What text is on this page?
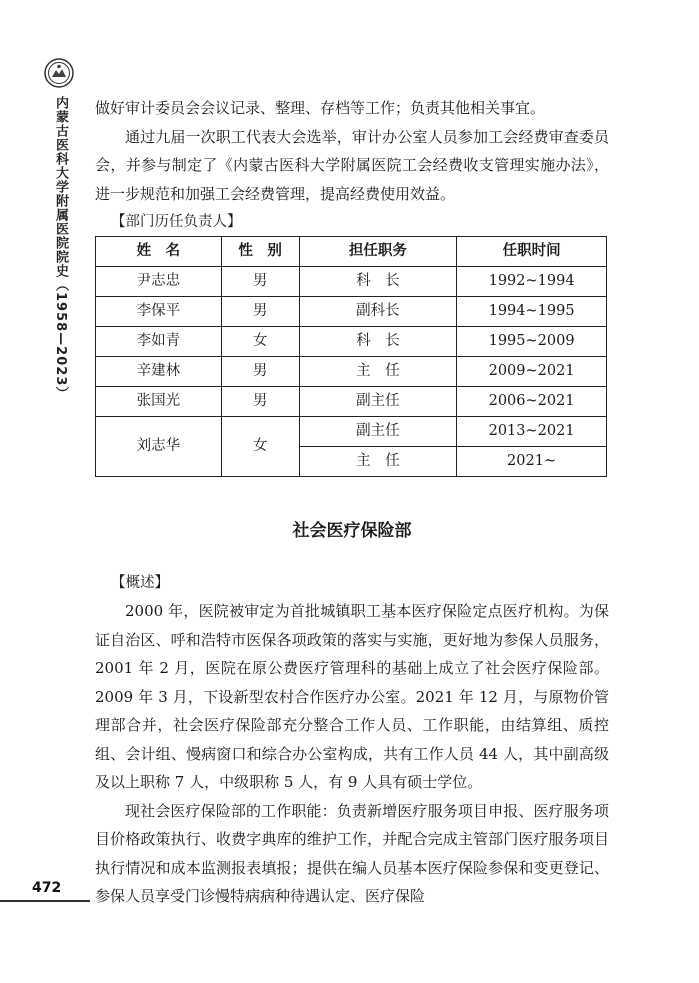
内蒙古医科大学附属医院院史（1958—2023）
472

做好审计委员会会议记录、整理、存档等工作；负责其他相关事宜。

通过九届一次职工代表大会选举，审计办公室人员参加工会经费审查委员会，并参与制定了《内蒙古医科大学附属医院工会经费收支管理实施办法》，进一步规范和加强工会经费管理，提高经费使用效益。

【部门历任负责人】
姓　名	性　别	担任职务	任职时间
尹志忠	男	科　长	1992~1994
李保平	男	副科长	1994~1995
李如青	女	科　长	1995~2009
辛建林	男	主　任	2009~2021
张国光	男	副主任	2006~2021
刘志华	女	副主任	2013~2021
		主　任	2021~
社会医疗保险部
【概述】

2000 年，医院被审定为首批城镇职工基本医疗保险定点医疗机构。为保证自治区、呼和浩特市医保各项政策的落实与实施，更好地为参保人员服务，2001 年 2 月，医院在原公费医疗管理科的基础上成立了社会医疗保险部。2009 年 3 月，下设新型农村合作医疗办公室。2021 年 12 月，与原物价管理部合并，社会医疗保险部充分整合工作人员、工作职能，由结算组、质控组、会计组、慢病窗口和综合办公室构成，共有工作人员 44 人，其中副高级及以上职称 7 人，中级职称 5 人，有 9 人具有硕士学位。

现社会医疗保险部的工作职能：负责新增医疗服务项目申报、医疗服务项目价格政策执行、收费字典库的维护工作，并配合完成主管部门医疗服务项目执行情况和成本监测报表填报；提供在编人员基本医疗保险参保和变更登记、参保人员享受门诊慢特病病种待遇认定、医疗保险
